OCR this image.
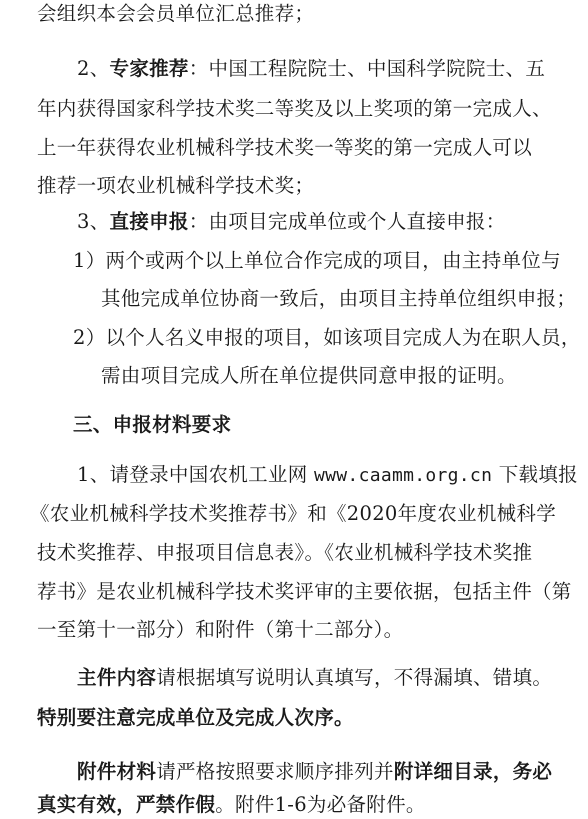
会组织本会会员单位汇总推荐；
2、专家推荐：中国工程院院士、中国科学院院士、五
年内获得国家科学技术奖二等奖及以上奖项的第一完成人、
上一年获得农业机械科学技术奖一等奖的第一完成人可以
推荐一项农业机械科学技术奖；
3、直接申报：由项目完成单位或个人直接申报：
1）两个或两个以上单位合作完成的项目，由主持单位与
其他完成单位协商一致后，由项目主持单位组织申报；
2）以个人名义申报的项目，如该项目完成人为在职人员，
需由项目完成人所在单位提供同意申报的证明。
三、申报材料要求
1、请登录中国农机工业网 www.caamm.org.cn 下载填报
《农业机械科学技术奖推荐书》和《2020年度农业机械科学
技术奖推荐、申报项目信息表》。《农业机械科学技术奖推
荐书》是农业机械科学技术奖评审的主要依据，包括主件（第
一至第十一部分）和附件（第十二部分）。
主件内容请根据填写说明认真填写，不得漏填、错填。
特别要注意完成单位及完成人次序。
附件材料请严格按照要求顺序排列并附详细目录，务必
真实有效，严禁作假。附件1-6为必备附件。
